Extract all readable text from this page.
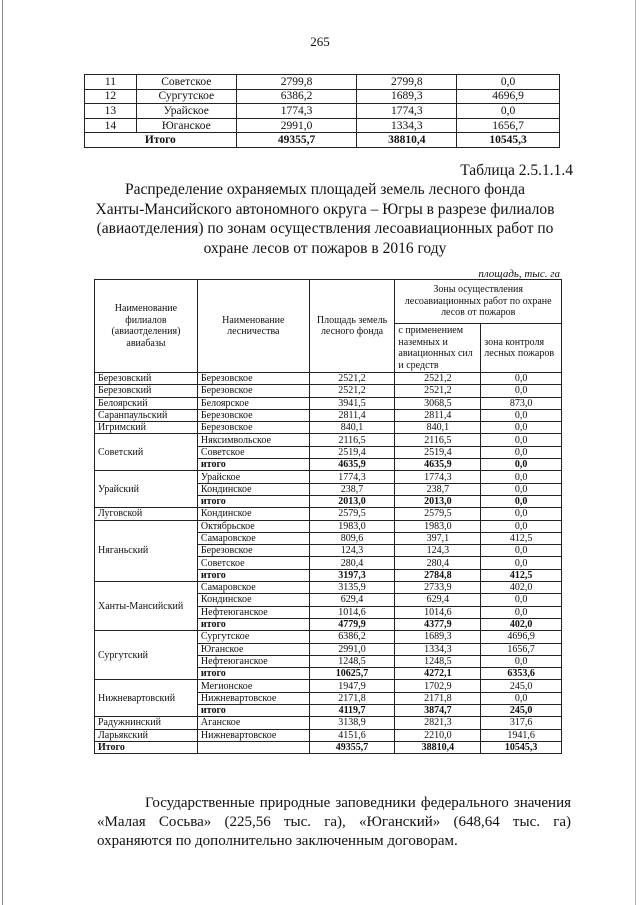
265
11	Советское	2799,8	2799,8	0,0
12	Сургутское	6386,2	1689,3	4696,9
13	Урайское	1774,3	1774,3	0,0
14	Юганское	2991,0	1334,3	1656,7
Итого		49355,7	38810,4	10545,3
Таблица 2.5.1.1.4
Распределение охраняемых площадей земель лесного фонда
Ханты-Мансийского автономного округа – Югры в разрезе филиалов
(авиаотделения) по зонам осуществления лесоавиационных работ по
охране лесов от пожаров в 2016 году
площадь, тыс. га
Наименование филиалов (авиаотделения) авиабазы	Наименование лесничества	Площадь земель лесного фонда	Зоны осуществления лесоавиационных работ по охране лесов от пожаров	
			с применением наземных и авиационных сил и средств	зона контроля лесных пожаров
Березовский	Березовское	2521,2	2521,2	0,0
Березовский	Березовское	2521,2	2521,2	0,0
Белоярский	Белоярское	3941,5	3068,5	873,0
Саранпаульский	Березовское	2811,4	2811,4	0,0
Игримский	Березовское	840,1	840,1	0,0
Советский	Няксимвольское	2116,5	2116,5	0,0
	Советское	2519,4	2519,4	0,0
	итого	4635,9	4635,9	0,0
Урайский	Урайское	1774,3	1774,3	0,0
	Кондинское	238,7	238,7	0,0
	итого	2013,0	2013,0	0,0
Луговской	Кондинское	2579,5	2579,5	0,0
Няганьский	Октябрьское	1983,0	1983,0	0,0
	Самаровское	809,6	397,1	412,5
	Березовское	124,3	124,3	0,0
	Советское	280,4	280,4	0,0
	итого	3197,3	2784,8	412,5
Ханты-Мансийский	Самаровское	3135,9	2733,9	402,0
	Кондинское	629,4	629,4	0,0
	Нефтеюганское	1014,6	1014,6	0,0
	итого	4779,9	4377,9	402,0
Сургутский	Сургутское	6386,2	1689,3	4696,9
	Юганское	2991,0	1334,3	1656,7
	Нефтеюганское	1248,5	1248,5	0,0
	итого	10625,7	4272,1	6353,6
Нижневартовский	Мегионское	1947,9	1702,9	245,0
	Нижневартовское	2171,8	2171,8	0,0
	итого	4119,7	3874,7	245,0
Радужнинский	Аганское	3138,9	2821,3	317,6
Ларьякский	Нижневартовское	4151,6	2210,0	1941,6
Итого		49355,7	38810,4	10545,3
Государственные природные заповедники федерального значения «Малая Сосьва» (225,56 тыс. га), «Юганский» (648,64 тыс. га) охраняются по дополнительно заключенным договорам.
